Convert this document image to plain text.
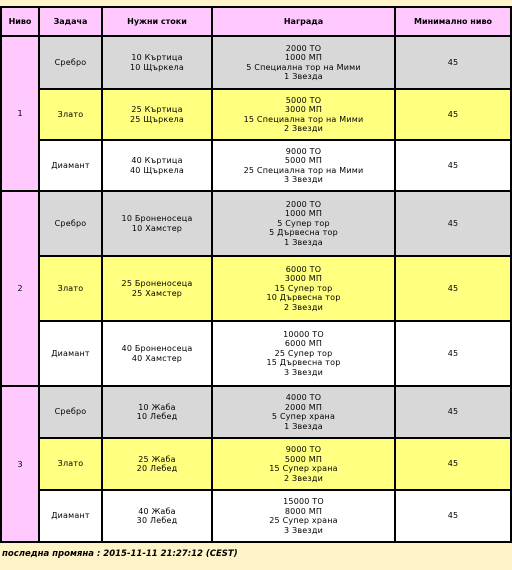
Ниво	Задача	Нужни стоки	Награда	Минимално ниво
1	Сребро	10 Къртица
10 Щъркела	2000 ТО
1000 МП
5 Специална тор на Мими
1 Звезда	45
	Злато	25 Къртица
25 Щъркела	5000 ТО
3000 МП
15 Специална тор на Мими
2 Звезди	45
	Диамант	40 Къртица
40 Щъркела	9000 ТО
5000 МП
25 Специална тор на Мими
3 Звезди	45
2	Сребро	10 Броненосеца
10 Хамстер	2000 ТО
1000 МП
5 Супер тор
5 Дървесна тор
1 Звезда	45
	Злато	25 Броненосеца
25 Хамстер	6000 ТО
3000 МП
15 Супер тор
10 Дървесна тор
2 Звезди	45
	Диамант	40 Броненосеца
40 Хамстер	10000 ТО
6000 МП
25 Супер тор
15 Дървесна тор
3 Звезди	45
3	Сребро	10 Жаба
10 Лебед	4000 ТО
2000 МП
5 Супер храна
1 Звезда	45
	Злато	25 Жаба
20 Лебед	9000 ТО
5000 МП
15 Супер храна
2 Звезди	45
	Диамант	40 Жаба
30 Лебед	15000 ТО
8000 МП
25 Супер храна
3 Звезди	45
последна промяна : 2015-11-11 21:27:12 (CEST)
